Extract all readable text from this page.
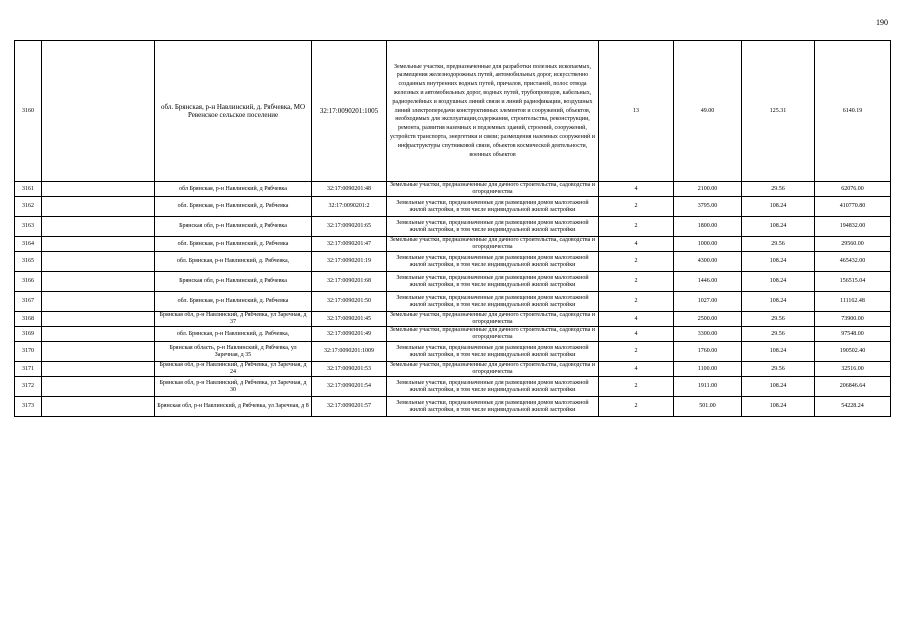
190
3160		обл. Брянская, р-н Навлинский, д. Рябчевка, МО Ревенское сельское поселение	32:17:0090201:1005	Земельные участки, предназначенные для разработки полезных ископаемых, размещения железнодорожных путей, автомобильных дорог, искусственно созданных внутренних водных путей, причалов, пристаней, полос отвода железных и автомобильных дорог, водных путей, трубопроводов, кабельных, радиорелейных и воздушных линий связи и линий радиофикации, воздушных линий электропередачи конструктивных элементов и сооружений, объектов, необходимых для эксплуатации,содержания, строительства, реконструкции, ремонта, развития наземных и подземных зданий, строений, сооружений, устройств транспорта, энергетики и связи; размещения наземных сооружений и инфраструктуры спутниковой связи, объектов космической деятельности, военных объектов	13	49.00	125.31	6140.19
3161		обл Брянская, р-н Навлинский, д Рябчевка	32:17:0090201:48	Земельные участки, предназначенные для дачного строительства, садоводства и огородничества	4	2100.00	29.56	62076.00
3162		обл. Брянская, р-н Навлинский, д. Рябчевка	32:17:0090201:2	Земельные участки, предназначенные для размещения домов малоэтажной жилой застройки, в том числе индивидуальной жилой застройки	2	3795.00	108.24	410770.80
3163		Брянская обл, р-н Навлинский, д Рябчевка	32:17:0090201:65	Земельные участки, предназначенные для размещения домов малоэтажной жилой застройки, в том числе индивидуальной жилой застройки	2	1800.00	108.24	194832.00
3164		обл. Брянская, р-н Навлинский, д. Рябчевка	32:17:0090201:47	Земельные участки, предназначенные для дачного строительства, садоводства и огородничества	4	1000.00	29.56	29560.00
3165		обл. Брянская, р-н Навлинский, д. Рябчевка,	32:17:0090201:19	Земельные участки, предназначенные для размещения домов малоэтажной жилой застройки, в том числе индивидуальной жилой застройки	2	4300.00	108.24	465432.00
3166		Брянская обл, р-н Навлинский, д Рябчевка	32:17:0090201:68	Земельные участки, предназначенные для размещения домов малоэтажной жилой застройки, в том числе индивидуальной жилой застройки	2	1446.00	108.24	156515.04
3167		обл. Брянская, р-н Навлинский, д. Рябчевка	32:17:0090201:50	Земельные участки, предназначенные для размещения домов малоэтажной жилой застройки, в том числе индивидуальной жилой застройки	2	1027.00	108.24	111162.48
3168		Брянская обл, р-н Навлинский, д Рябчевка, ул Заречная, д 37	32:17:0090201:45	Земельные участки, предназначенные для дачного строительства, садоводства и огородничества	4	2500.00	29.56	73900.00
3169		обл. Брянская, р-н Навлинский, д. Рябчевка,	32:17:0090201:49	Земельные участки, предназначенные для дачного строительства, садоводства и огородничества	4	3300.00	29.56	97548.00
3170		Брянская область, р-н Навлинский, д Рябчевка, ул Заречная, д 35	32:17:0090201:1009	Земельные участки, предназначенные для размещения домов малоэтажной жилой застройки, в том числе индивидуальной жилой застройки	2	1760.00	108.24	190502.40
3171		Брянская обл, р-н Навлинский, д Рябчевка, ул Заречная, д 24	32:17:0090201:53	Земельные участки, предназначенные для дачного строительства, садоводства и огородничества	4	1100.00	29.56	32516.00
3172		Брянская обл, р-н Навлинский, д Рябчевка, ул Заречная, д 30	32:17:0090201:54	Земельные участки, предназначенные для размещения домов малоэтажной жилой застройки, в том числе индивидуальной жилой застройки	2	1911.00	108.24	206846.64
3173		Брянская обл, р-н Навлинский, д Рябчевка, ул Заречная, д 8	32:17:0090201:57	Земельные участки, предназначенные для размещения домов малоэтажной жилой застройки, в том числе индивидуальной жилой застройки	2	501.00	108.24	54228.24
